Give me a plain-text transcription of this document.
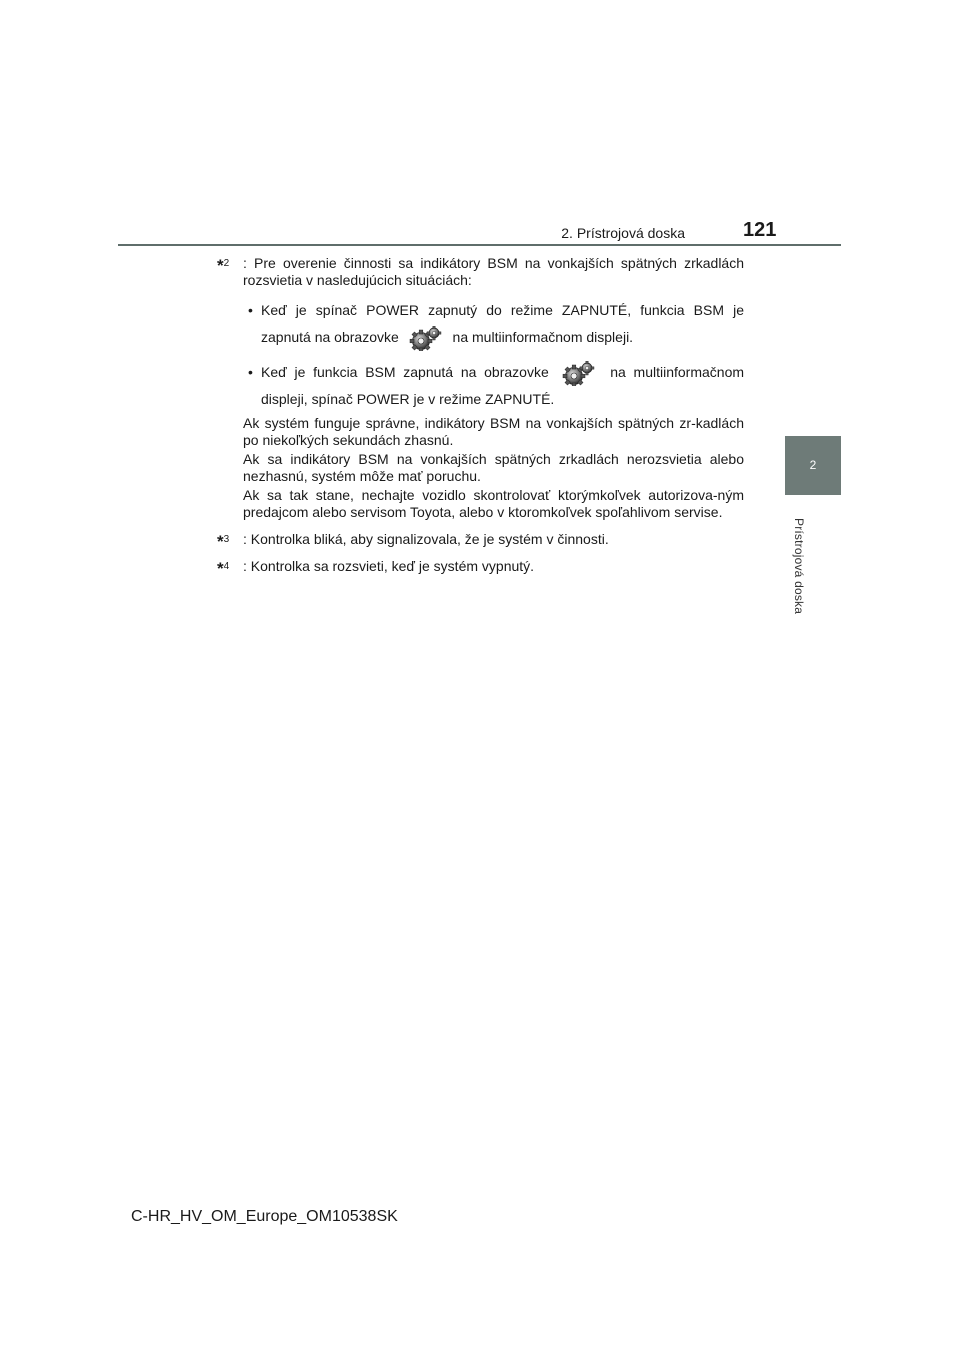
2. Prístrojová doska	121
2
Prístrojová doska
*$^2$ : Pre overenie činnosti sa indikátory BSM na vonkajších spätných zrkadlách rozsvietia v nasledujúcich situáciách:
• Keď je spínač POWER zapnutý do režime ZAPNUTÉ, funkcia BSM je zapnutá na obrazovke	na multiinformačnom displeji.
• Keď je funkcia BSM zapnutá na obrazovke	na multiinformačnom displeji, spínač POWER je v režime ZAPNUTÉ.
Ak systém funguje správne, indikátory BSM na vonkajších spätných zr-kadlách po niekoľkých sekundách zhasnú.
Ak sa indikátory BSM na vonkajších spätných zrkadlách nerozsvietia alebo nezhasnú, systém môže mať poruchu.
Ak sa tak stane, nechajte vozidlo skontrolovať ktorýmkoľvek autorizova-ným predajcom alebo servisom Toyota, alebo v ktoromkoľvek spoľahlivom servise.
*$^3$ : Kontrolka bliká, aby signalizovala, že je systém v činnosti.
*$^4$ : Kontrolka sa rozsvieti, keď je systém vypnutý.
C-HR_HV_OM_Europe_OM10538SK
